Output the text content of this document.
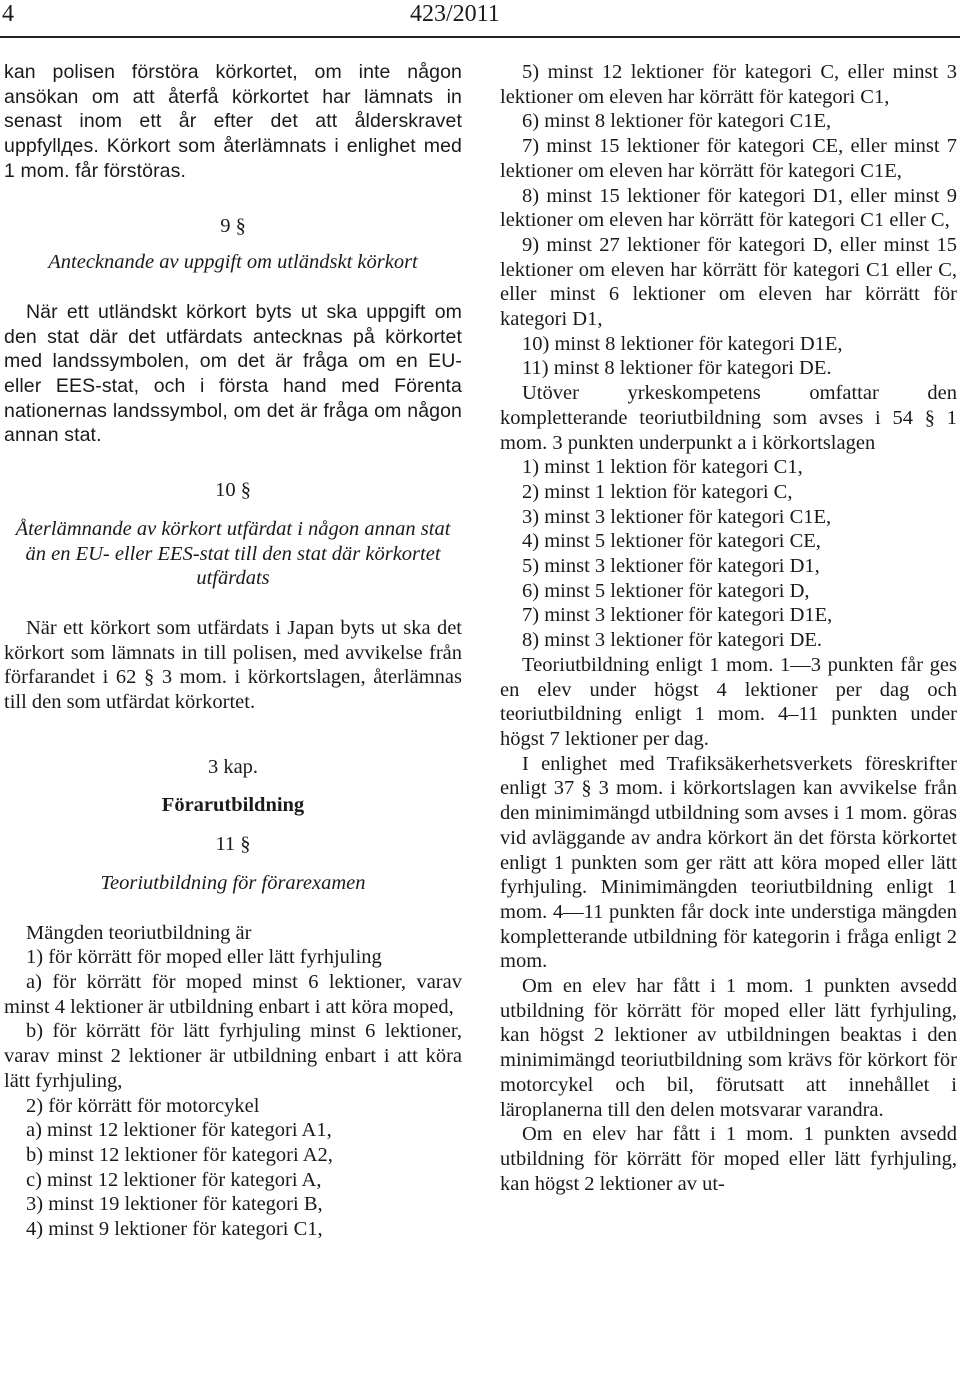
4	423/2011

kan polisen förstöra körkortet, om inte någon ansökan om att återfå körkortet har lämnats in senast inom ett år efter det att ålderskravet uppfyllдes. Körkort som återlämnats i enlighet med 1 mom. får förstöras.

9 §

Antecknande av uppgift om utländskt körkort

När ett utländskt körkort byts ut ska uppgift om den stat där det utfärdats antecknas på körkortet med landssymbolen, om det är fråga om en EU- eller EES-stat, och i första hand med Förenta nationernas landssymbol, om det är fråga om någon annan stat.

10 §

Återlämnande av körkort utfärdat i någon annan stat än en EU- eller EES-stat till den stat där körkortet utfärdats

När ett körkort som utfärdats i Japan byts ut ska det körkort som lämnats in till polisen, med avvikelse från förfarandet i 62 § 3 mom. i körkortslagen, återlämnas till den som utfärdat körkortet.

3 kap.

Förarutbildning

11 §

Teoriutbildning för förarexamen

Mängden teoriutbildning är

1) för körrätt för moped eller lätt fyrhjuling

a) för körrätt för moped minst 6 lektioner, varav minst 4 lektioner är utbildning enbart i att köra moped,

b) för körrätt för lätt fyrhjuling minst 6 lektioner, varav minst 2 lektioner är utbildning enbart i att köra lätt fyrhjuling,

2) för körrätt för motorcykel

a) minst 12 lektioner för kategori A1,

b) minst 12 lektioner för kategori A2,

c) minst 12 lektioner för kategori A,

3) minst 19 lektioner för kategori B,

4) minst 9 lektioner för kategori C1,

5) minst 12 lektioner för kategori C, eller minst 3 lektioner om eleven har körrätt för kategori C1,

6) minst 8 lektioner för kategori C1E,

7) minst 15 lektioner för kategori CE, eller minst 7 lektioner om eleven har körrätt för kategori C1E,

8) minst 15 lektioner för kategori D1, eller minst 9 lektioner om eleven har körrätt för kategori C1 eller C,

9) minst 27 lektioner för kategori D, eller minst 15 lektioner om eleven har körrätt för kategori C1 eller C, eller minst 6 lektioner om eleven har körrätt för kategori D1,

10) minst 8 lektioner för kategori D1E,

11) minst 8 lektioner för kategori DE.

Utöver yrkeskompetens omfattar den kompletterande teoriutbildning som avses i 54 § 1 mom. 3 punkten underpunkt a i körkortslagen

1) minst 1 lektion för kategori C1,

2) minst 1 lektion för kategori C,

3) minst 3 lektioner för kategori C1E,

4) minst 5 lektioner för kategori CE,

5) minst 3 lektioner för kategori D1,

6) minst 5 lektioner för kategori D,

7) minst 3 lektioner för kategori D1E,

8) minst 3 lektioner för kategori DE.

Teoriutbildning enligt 1 mom. 1—3 punkten får ges en elev under högst 4 lektioner per dag och teoriutbildning enligt 1 mom. 4–11 punkten under högst 7 lektioner per dag.

I enlighet med Trafiksäkerhetsverkets föreskrifter enligt 37 § 3 mom. i körkortslagen kan avvikelse från den minimimängd utbildning som avses i 1 mom. göras vid avläggande av andra körkort än det första körkortet enligt 1 punkten som ger rätt att köra moped eller lätt fyrhjuling. Minimimängden teoriutbildning enligt 1 mom. 4—11 punkten får dock inte understiga mängden kompletterande utbildning för kategorin i fråga enligt 2 mom.

Om en elev har fått i 1 mom. 1 punkten avsedd utbildning för körrätt för moped eller lätt fyrhjuling, kan högst 2 lektioner av utbildningen beaktas i den minimimängd teoriutbildning som krävs för körkort för motorcykel och bil, förutsatt att innehållet i läroplanerna till den delen motsvarar varandra.

Om en elev har fått i 1 mom. 1 punkten avsedd utbildning för körrätt för moped eller lätt fyrhjuling, kan högst 2 lektioner av ut-
